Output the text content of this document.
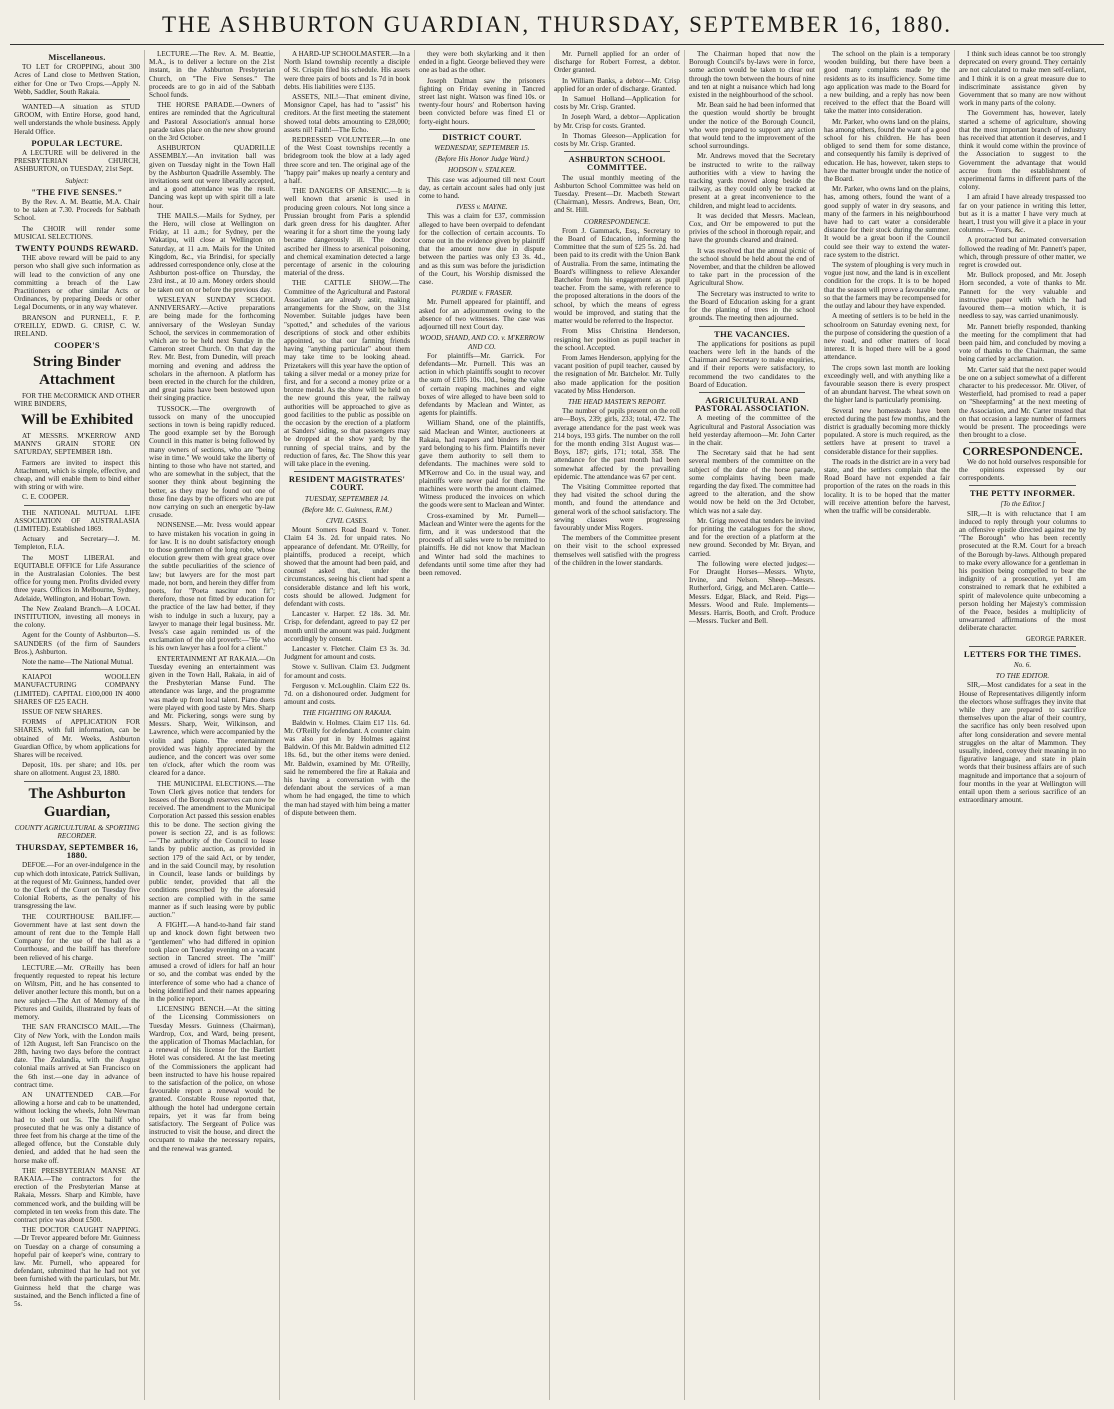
THE ASHBURTON GUARDIAN, THURSDAY, SEPTEMBER 16, 1880.
Miscellaneous.

TO LET for CROPPING, about 300 Acres of Land close to Methven Station, either for One or Two Crops.—Apply N. Webb, Saddler, South Rakaia.

WANTED—A situation as STUD GROOM, with Entire Horse, good hand, well understands the whole business. Apply Herald Office.

POPULAR LECTURE.

A LECTURE will be delivered in the PRESBYTERIAN CHURCH, ASHBURTON, on TUESDAY, 21st Sept.

Subject:
"THE FIVE SENSES."

By the Rev. A. M. Beattie, M.A. Chair to be taken at 7.30. Proceeds for Sabbath School.

The CHOIR will render some MUSICAL SELECTIONS.

TWENTY POUNDS REWARD.

THE above reward will be paid to any person who shall give such information as will lead to the conviction of any one committing a breach of the Law Practitioners or other similar Acts or Ordinances, by preparing Deeds or other Legal Documents, or in any way whatever.

BRANSON and PURNELL, F. P. O'REILLY, EDWD. G. CRISP, C. W. IRELAND.

COOPER'S
String Binder Attachment

FOR THE McCORMICK AND OTHER WIRE BINDERS,

Will be Exhibited

AT MESSRS. M'KERROW AND MANN'S GRAIN STORE ON SATURDAY, SEPTEMBER 18th.

Farmers are invited to inspect this Attachment, which is simple, effective, and cheap, and will enable them to bind either with string or with wire.

C. E. COOPER.

THE NATIONAL MUTUAL LIFE ASSOCIATION OF AUSTRALASIA (LIMITED). Established 1869.

Actuary and Secretary—J. M. Templeton, F.I.A.

The MOST LIBERAL and EQUITABLE OFFICE for Life Assurance in the Australasian Colonies. The best office for young men. Profits divided every three years. Offices in Melbourne, Sydney, Adelaide, Wellington, and Hobart Town.

The New Zealand Branch—A LOCAL INSTITUTION, investing all moneys in the colony.

Agent for the County of Ashburton—S. SAUNDERS (of the firm of Saunders Bros.), Ashburton.

Note the name—The National Mutual.

KAIAPOI WOOLLEN MANUFACTURING COMPANY (LIMITED). CAPITAL £100,000 IN 4000 SHARES OF £25 EACH.

ISSUE OF NEW SHARES.

FORMS of APPLICATION FOR SHARES, with full information, can be obtained of Mr. Weeks, Ashburton Guardian Office, by whom applications for Shares will be received.

Deposit, 10s. per share; and 10s. per share on allotment. August 23, 1880.

The Ashburton Guardian,
COUNTY AGRICULTURAL & SPORTING RECORDER.
THURSDAY, SEPTEMBER 16, 1880.

DEFOE.—For an over-indulgence in the cup which doth intoxicate, Patrick Sullivan, at the request of Mr. Guinness, handed over to the Clerk of the Court on Tuesday five Colonial Roberts, as the penalty of his transgressing the law.

THE COURTHOUSE BAILIFF.—Government have at last sent down the amount of rent due to the Temple Hall Company for the use of the hall as a Courthouse, and the bailiff has therefore been relieved of his charge.

LECTURE.—Mr. O'Reilly has been frequently requested to repeat his lecture on Wiltsm, Pitt, and he has consented to deliver another lecture this month, but on a new subject—The Art of Memory of the Pictures and Guilds, illustrated by feats of memory.

THE SAN FRANCISCO MAIL.—The City of New York, with the London mails of 12th August, left San Francisco on the 28th, having two days before the contract date. The Zealandia, with the August colonial mails arrived at San Francisco on the 6th inst.—one day in advance of contract time.

AN UNATTENDED CAB.—For allowing a horse and cab to be unattended, without locking the wheels, John Newman had to shell out 5s. The bailiff who prosecuted that he was only a distance of three feet from his charge at the time of the alleged offence, but the Constable duly denied, and added that he had seen the horse make off.

THE PRESBYTERIAN MANSE AT RAKAIA.—The contractors for the erection of the Presbyterian Manse at Rakaia, Messrs. Sharp and Kimble, have commenced work, and the building will be completed in ten weeks from this date. The contract price was about £500.

THE DOCTOR CAUGHT NAPPING.—Dr Trevor appeared before Mr. Guinness on Tuesday on a charge of consuming a hopeful pair of keeper's wine, contrary to law. Mr. Purnell, who appeared for defendant, submitted that he had not yet been furnished with the particulars, but Mr. Guinness held that the charge was sustained, and the Bench inflicted a fine of 5s.

LECTURE.—The Rev. A. M. Beattie, M.A., is to deliver a lecture on the 21st instant, in the Ashburton Presbyterian Church, on "The Five Senses." The proceeds are to go in aid of the Sabbath School funds.

THE HORSE PARADE.—Owners of entires are reminded that the Agricultural and Pastoral Association's annual horse parade takes place on the new show ground on the 3rd October.

ASHBURTON QUADRILLE ASSEMBLY.—An invitation ball was given on Tuesday night in the Town Hall by the Ashburton Quadrille Assembly. The invitations sent out were liberally accepted, and a good attendance was the result. Dancing was kept up with spirit till a late hour.

THE MAILS.—Mails for Sydney, per the Hero, will close at Wellington on Friday, at 11 a.m.; for Sydney, per the Wakatipu, will close at Wellington on Saturday, at 11 a.m. Mails for the United Kingdom, &c., via Brindisi, for specially addressed correspondence only, close at the Ashburton post-office on Thursday, the 23rd inst., at 10 a.m. Money orders should be taken out on or before the previous day.

WESLEYAN SUNDAY SCHOOL ANNIVERSARY.—Active preparations are being made for the forthcoming anniversary of the Wesleyan Sunday School, the services in commemoration of which are to be held next Sunday in the Cameron street Church. On that day the Rev. Mr. Best, from Dunedin, will preach morning and evening and address the scholars in the afternoon. A platform has been erected in the church for the children, and great pains have been bestowed upon their singing practice.

TUSSOCK.—The overgrowth of tussock on many of the unoccupied sections in town is being rapidly reduced. The good example set by the Borough Council in this matter is being followed by many owners of sections, who are "being wise in time." We would take the liberty of hinting to those who have not started, and who are somewhat in the subject, that the sooner they think about beginning the better, as they may be found out one of those fine days by the officers who are put now carrying on such an energetic by-law crusade.

NONSENSE.—Mr. Ivess would appear to have mistaken his vocation in going in for law. It is no doubt satisfactory enough to those gentlemen of the long robe, whose elocution grew them with great grace over the subtle peculiarities of the science of law; but lawyers are for the most part made, not born, and herein they differ from poets, for "Poeta nascitur non fit"; therefore, those not fitted by education for the practice of the law had better, if they wish to indulge in such a luxury, pay a lawyer to manage their legal business. Mr. Ivess's case again reminded us of the exclamation of the old proverb:—"He who is his own lawyer has a fool for a client."

ENTERTAINMENT AT RAKAIA.—On Tuesday evening an entertainment was given in the Town Hall, Rakaia, in aid of the Presbyterian Manse Fund. The attendance was large, and the programme was made up from local talent. Piano duets were played with good taste by Mrs. Sharp and Mr. Pickering, songs were sung by Messrs. Sharp, Weir, Wilkinson, and Lawrence, which were accompanied by the violin and piano. The entertainment provided was highly appreciated by the audience, and the concert was over some ten o'clock, after which the room was cleared for a dance.

THE MUNICIPAL ELECTIONS.—The Town Clerk gives notice that tenders for lessees of the Borough reserves can now be received. The amendment to the Municipal Corporation Act passed this session enables this to be done. The section giving the power is section 22, and is as follows:—"The authority of the Council to lease lands by public auction, as provided in section 179 of the said Act, or by tender, and in the said Council may, by resolution in Council, lease lands or buildings by public tender, provided that all the conditions prescribed by the aforesaid section are complied with in the same manner as if such leasing were by public auction."

A FIGHT.—A hand-to-hand fair stand up and knock down fight between two "gentlemen" who had differed in opinion took place on Tuesday evening on a vacant section in Tancred street. The "mill" amused a crowd of idlers for half an hour or so, and the combat was ended by the interference of some who had a chance of being identified and their names appearing in the police report.

LICENSING BENCH.—At the sitting of the Licensing Commissioners on Tuesday Messrs. Guinness (Chairman), Wardrop, Cox, and Ward, being present, the application of Thomas Maclachlan, for a renewal of his license for the Bartlett Hotel was considered. At the last meeting of the Commissioners the applicant had been instructed to have his house repaired to the satisfaction of the police, on whose favourable report a renewal would be granted. Constable Rouse reported that, although the hotel had undergone certain repairs, yet it was far from being satisfactory. The Sergeant of Police was instructed to visit the house, and direct the occupant to make the necessary repairs, and the renewal was granted.

A HARD-UP SCHOOLMASTER.—In a North Island township recently a disciple of St. Crispin filed his schedule. His assets were three pairs of boots and 1s 7d in book debts. His liabilities were £135.

ASSETS, NIL!—That eminent divine, Monsignor Capel, has had to "assist" his creditors. At the first meeting the statement showed total debts amounting to £28,000; assets nil! Faith!—The Echo.

REDRESSED VOLUNTEER.—In one of the West Coast townships recently a bridegroom took the blow at a lady aged three score and ten. The original age of the "happy pair" makes up nearly a century and a half.

THE DANGERS OF ARSENIC.—It is well known that arsenic is used in producing green colours. Not long since a Prussian brought from Paris a splendid dark green dress for his daughter. After wearing it for a short time the young lady became dangerously ill. The doctor ascribed her illness to arsenical poisoning, and chemical examination detected a large percentage of arsenic in the colouring material of the dress.

THE CATTLE SHOW.—The Committee of the Agricultural and Pastoral Association are already astir, making arrangements for the Show, on the 31st November. Suitable judges have been "spotted," and schedules of the various descriptions of stock and other exhibits appointed, so that our farming friends having "anything particular" about them may take time to be looking ahead. Prizetakers will this year have the option of taking a silver medal or a money prize for first, and for a second a money prize or a bronze medal. As the show will be held on the new ground this year, the railway authorities will be approached to give as good facilities to the public as possible on the occasion by the erection of a platform at Sanders' siding, so that passengers may be dropped at the show yard; by the running of special trains, and by the reduction of fares, &c. The Show this year will take place in the evening.

RESIDENT MAGISTRATES' COURT.
TUESDAY, SEPTEMBER 14.
(Before Mr. C. Guinness, R.M.)
CIVIL CASES.

Mount Somers Road Board v. Toner. Claim £4 3s. 2d. for unpaid rates. No appearance of defendant. Mr. O'Reilly, for plaintiffs, produced a receipt, which showed that the amount had been paid, and counsel asked that, under the circumstances, seeing his client had spent a considerable distance and left his work, costs should be allowed. Judgment for defendant with costs.

Lancaster v. Harper. £2 18s. 3d. Mr. Crisp, for defendant, agreed to pay £2 per month until the amount was paid. Judgment accordingly by consent.

Lancaster v. Fletcher. Claim £3 3s. 3d. Judgment for amount and costs.

Stowe v. Sullivan. Claim £3. Judgment for amount and costs.

Ferguson v. McLoughlin. Claim £22 0s. 7d. on a dishonoured order. Judgment for amount and costs.

THE FIGHTING ON RAKAIA.

Baldwin v. Holmes. Claim £17 11s. 6d. Mr. O'Reilly for defendant. A counter claim was also put in by Holmes against Baldwin. Of this Mr. Baldwin admitted £12 18s. 6d., but the other items were denied. Mr. Baldwin, examined by Mr. O'Reilly, said he remembered the fire at Rakaia and his having a conversation with the defendant about the services of a man whom he had engaged, the time to which the man had stayed with him being a matter of dispute between them.

they were both skylarking and it then ended in a fight. George believed they were one as bad as the other.

Joseph Dalman saw the prisoners fighting on Friday evening in Tancred street last night. Watson was fined 10s. or twenty-four hours' and Robertson having been convicted before was fined £1 or forty-eight hours.

DISTRICT COURT.
WEDNESDAY, SEPTEMBER 15.
(Before His Honor Judge Ward.)
HODSON v. STALKER.

This case was adjourned till next Court day, as certain account sales had only just come to hand.

IVESS v. MAYNE.

This was a claim for £37, commission alleged to have been overpaid to defendant for the collection of certain accounts. To come out in the evidence given by plaintiff that the amount now due in dispute between the parties was only £3 3s. 4d., and as this sum was before the jurisdiction of the Court, his Worship dismissed the case.

PURDIE v. FRASER.

Mr. Purnell appeared for plaintiff, and asked for an adjournment owing to the absence of two witnesses. The case was adjourned till next Court day.

WOOD, SHAND, AND CO. v. M'KERROW AND CO.

For plaintiffs—Mr. Garrick. For defendants—Mr. Purnell. This was an action in which plaintiffs sought to recover the sum of £105 10s. 10d., being the value of certain reaping machines and eight boxes of wire alleged to have been sold to defendants by Maclean and Winter, as agents for plaintiffs.

William Shand, one of the plaintiffs, said Maclean and Winter, auctioneers at Rakaia, had reapers and binders in their yard belonging to his firm. Plaintiffs never gave them authority to sell them to defendants. The machines were sold to M'Kerrow and Co. in the usual way, and plaintiffs were never paid for them. The machines were worth the amount claimed. Witness produced the invoices on which the goods were sent to Maclean and Winter.

Cross-examined by Mr. Purnell—Maclean and Winter were the agents for the firm, and it was understood that the proceeds of all sales were to be remitted to plaintiffs. He did not know that Maclean and Winter had sold the machines to defendants until some time after they had been removed.

Mr. Purnell applied for an order of discharge for Robert Forrest, a debtor. Order granted.

In William Banks, a debtor—Mr. Crisp applied for an order of discharge. Granted.

In Samuel Holland—Application for costs by Mr. Crisp. Granted.

In Joseph Ward, a debtor—Application by Mr. Crisp for costs. Granted.

In Thomas Gleeson—Application for costs by Mr. Crisp. Granted.

ASHBURTON SCHOOL COMMITTEE.

The usual monthly meeting of the Ashburton School Committee was held on Tuesday. Present—Dr. Macbeth Stewart (Chairman), Messrs. Andrews, Bean, Orr, and St. Hill.

CORRESPONDENCE.

From J. Gammack, Esq., Secretary to the Board of Education, informing the Committee that the sum of £25 5s. 2d. had been paid to its credit with the Union Bank of Australia. From the same, intimating the Board's willingness to relieve Alexander Batchelor from his engagement as pupil teacher. From the same, with reference to the proposed alterations in the doors of the school, by which the means of egress would be improved, and stating that the matter would be referred to the Inspector.

From Miss Christina Henderson, resigning her position as pupil teacher in the school. Accepted.

From James Henderson, applying for the vacant position of pupil teacher, caused by the resignation of Mr. Batchelor. Mr. Tully also made application for the position vacated by Miss Henderson.

THE HEAD MASTER'S REPORT.

The number of pupils present on the roll are—Boys, 239; girls, 233; total, 472. The average attendance for the past week was 214 boys, 193 girls. The number on the roll for the month ending 31st August was—Boys, 187; girls, 171; total, 358. The attendance for the past month had been somewhat affected by the prevailing epidemic. The attendance was 67 per cent.

The Visiting Committee reported that they had visited the school during the month, and found the attendance and general work of the school satisfactory. The sewing classes were progressing favourably under Miss Rogers.

The members of the Committee present on their visit to the school expressed themselves well satisfied with the progress of the children in the lower standards.

The Chairman hoped that now the Borough Council's by-laws were in force, some action would be taken to clear out through the town between the hours of nine and ten at night a nuisance which had long existed in the neighbourhood of the school.

Mr. Bean said he had been informed that the question would shortly be brought under the notice of the Borough Council, who were prepared to support any action that would tend to the improvement of the school surroundings.

Mr. Andrews moved that the Secretary be instructed to write to the railway authorities with a view to having the tracking yards moved along beside the railway, as they could only be tracked at present at a great inconvenience to the children, and might lead to accidents.

It was decided that Messrs. Maclean, Cox, and Orr be empowered to put the privies of the school in thorough repair, and have the grounds cleared and drained.

It was resolved that the annual picnic of the school should be held about the end of November, and that the children be allowed to take part in the procession of the Agricultural Show.

The Secretary was instructed to write to the Board of Education asking for a grant for the planting of trees in the school grounds. The meeting then adjourned.

THE VACANCIES.

The applications for positions as pupil teachers were left in the hands of the Chairman and Secretary to make enquiries, and if their reports were satisfactory, to recommend the two candidates to the Board of Education.

AGRICULTURAL AND PASTORAL ASSOCIATION.

A meeting of the committee of the Agricultural and Pastoral Association was held yesterday afternoon—Mr. John Carter in the chair.

The Secretary said that he had sent several members of the committee on the subject of the date of the horse parade, some complaints having been made regarding the day fixed. The committee had agreed to the alteration, and the show would now be held on the 3rd October, which was not a sale day.

Mr. Grigg moved that tenders be invited for printing the catalogues for the show, and for the erection of a platform at the new ground. Seconded by Mr. Bryan, and carried.

The following were elected judges:—For Draught Horses—Messrs. Whyte, Irvine, and Nelson. Sheep—Messrs. Rutherford, Grigg, and McLaren. Cattle—Messrs. Edgar, Black, and Reid. Pigs—Messrs. Wood and Rule. Implements—Messrs. Harris, Booth, and Croft. Produce—Messrs. Tucker and Bell.

The school on the plain is a temporary wooden building, but there have been a good many complaints made by the residents as to its insufficiency. Some time ago application was made to the Board for a new building, and a reply has now been received to the effect that the Board will take the matter into consideration.

Mr. Parker, who owns land on the plains, has among others, found the want of a good school for his children. He has been obliged to send them for some distance, and consequently his family is deprived of education. He has, however, taken steps to have the matter brought under the notice of the Board.

Mr. Parker, who owns land on the plains, has, among others, found the want of a good supply of water in dry seasons, and many of the farmers in his neighbourhood have had to cart water a considerable distance for their stock during the summer. It would be a great boon if the Council could see their way to extend the water-race system to the district.

The system of ploughing is very much in vogue just now, and the land is in excellent condition for the crops. It is to be hoped that the season will prove a favourable one, so that the farmers may be recompensed for the outlay and labour they have expended.

A meeting of settlers is to be held in the schoolroom on Saturday evening next, for the purpose of considering the question of a new road, and other matters of local interest. It is hoped there will be a good attendance.

The crops sown last month are looking exceedingly well, and with anything like a favourable season there is every prospect of an abundant harvest. The wheat sown on the higher land is particularly promising.

Several new homesteads have been erected during the past few months, and the district is gradually becoming more thickly populated. A store is much required, as the settlers have at present to travel a considerable distance for their supplies.

The roads in the district are in a very bad state, and the settlers complain that the Road Board have not expended a fair proportion of the rates on the roads in this locality. It is to be hoped that the matter will receive attention before the harvest, when the traffic will be considerable.

I think such ideas cannot be too strongly deprecated on every ground. They certainly are not calculated to make men self-reliant, and I think it is on a great measure due to indiscriminate assistance given by Government that so many are now without work in many parts of the colony.

The Government has, however, lately started a scheme of agriculture, showing that the most important branch of industry has received that attention it deserves, and I think it would come within the province of the Association to suggest to the Government the advantage that would accrue from the establishment of experimental farms in different parts of the colony.

I am afraid I have already trespassed too far on your patience in writing this letter, but as it is a matter I have very much at heart, I trust you will give it a place in your columns. —Yours, &c.

A protracted but animated conversation followed the reading of Mr. Pannett's paper, which, through pressure of other matter, we regret is crowded out.

Mr. Bullock proposed, and Mr. Joseph Horn seconded, a vote of thanks to Mr. Pannett for the very valuable and instructive paper with which he had favoured them—a motion which, it is needless to say, was carried unanimously.

Mr. Pannett briefly responded, thanking the meeting for the compliment that had been paid him, and concluded by moving a vote of thanks to the Chairman, the same being carried by acclamation.

Mr. Carter said that the next paper would be one on a subject somewhat of a different character to his predecessor. Mr. Oliver, of Westerfield, had promised to read a paper on "Sheepfarming" at the next meeting of the Association, and Mr. Carter trusted that on that occasion a large number of farmers would be present. The proceedings were then brought to a close.

CORRESPONDENCE.

We do not hold ourselves responsible for the opinions expressed by our correspondents.

THE PETTY INFORMER.
[To the Editor.]

SIR,—It is with reluctance that I am induced to reply through your columns to an offensive epistle directed against me by "The Borough" who has been recently prosecuted at the R.M. Court for a breach of the Borough by-laws. Although prepared to make every allowance for a gentleman in his position being compelled to bear the indignity of a prosecution, yet I am constrained to remark that he exhibited a spirit of malevolence quite unbecoming a person holding her Majesty's commission of the Peace, besides a multiplicity of unwarranted affirmations of the most deliberate character.

GEORGE PARKER.

LETTERS FOR THE TIMES.
No. 6.
TO THE EDITOR.

SIR,—Most candidates for a seat in the House of Representatives diligently inform the electors whose suffrages they invite that while they are prepared to sacrifice themselves upon the altar of their country, the sacrifice has only been resolved upon after long consideration and severe mental struggles on the altar of Mammon. They usually, indeed, convey their meaning in no figurative language, and state in plain words that their business affairs are of such magnitude and importance that a sojourn of four months in the year at Wellington will entail upon them a serious sacrifice of an extraordinary amount.
